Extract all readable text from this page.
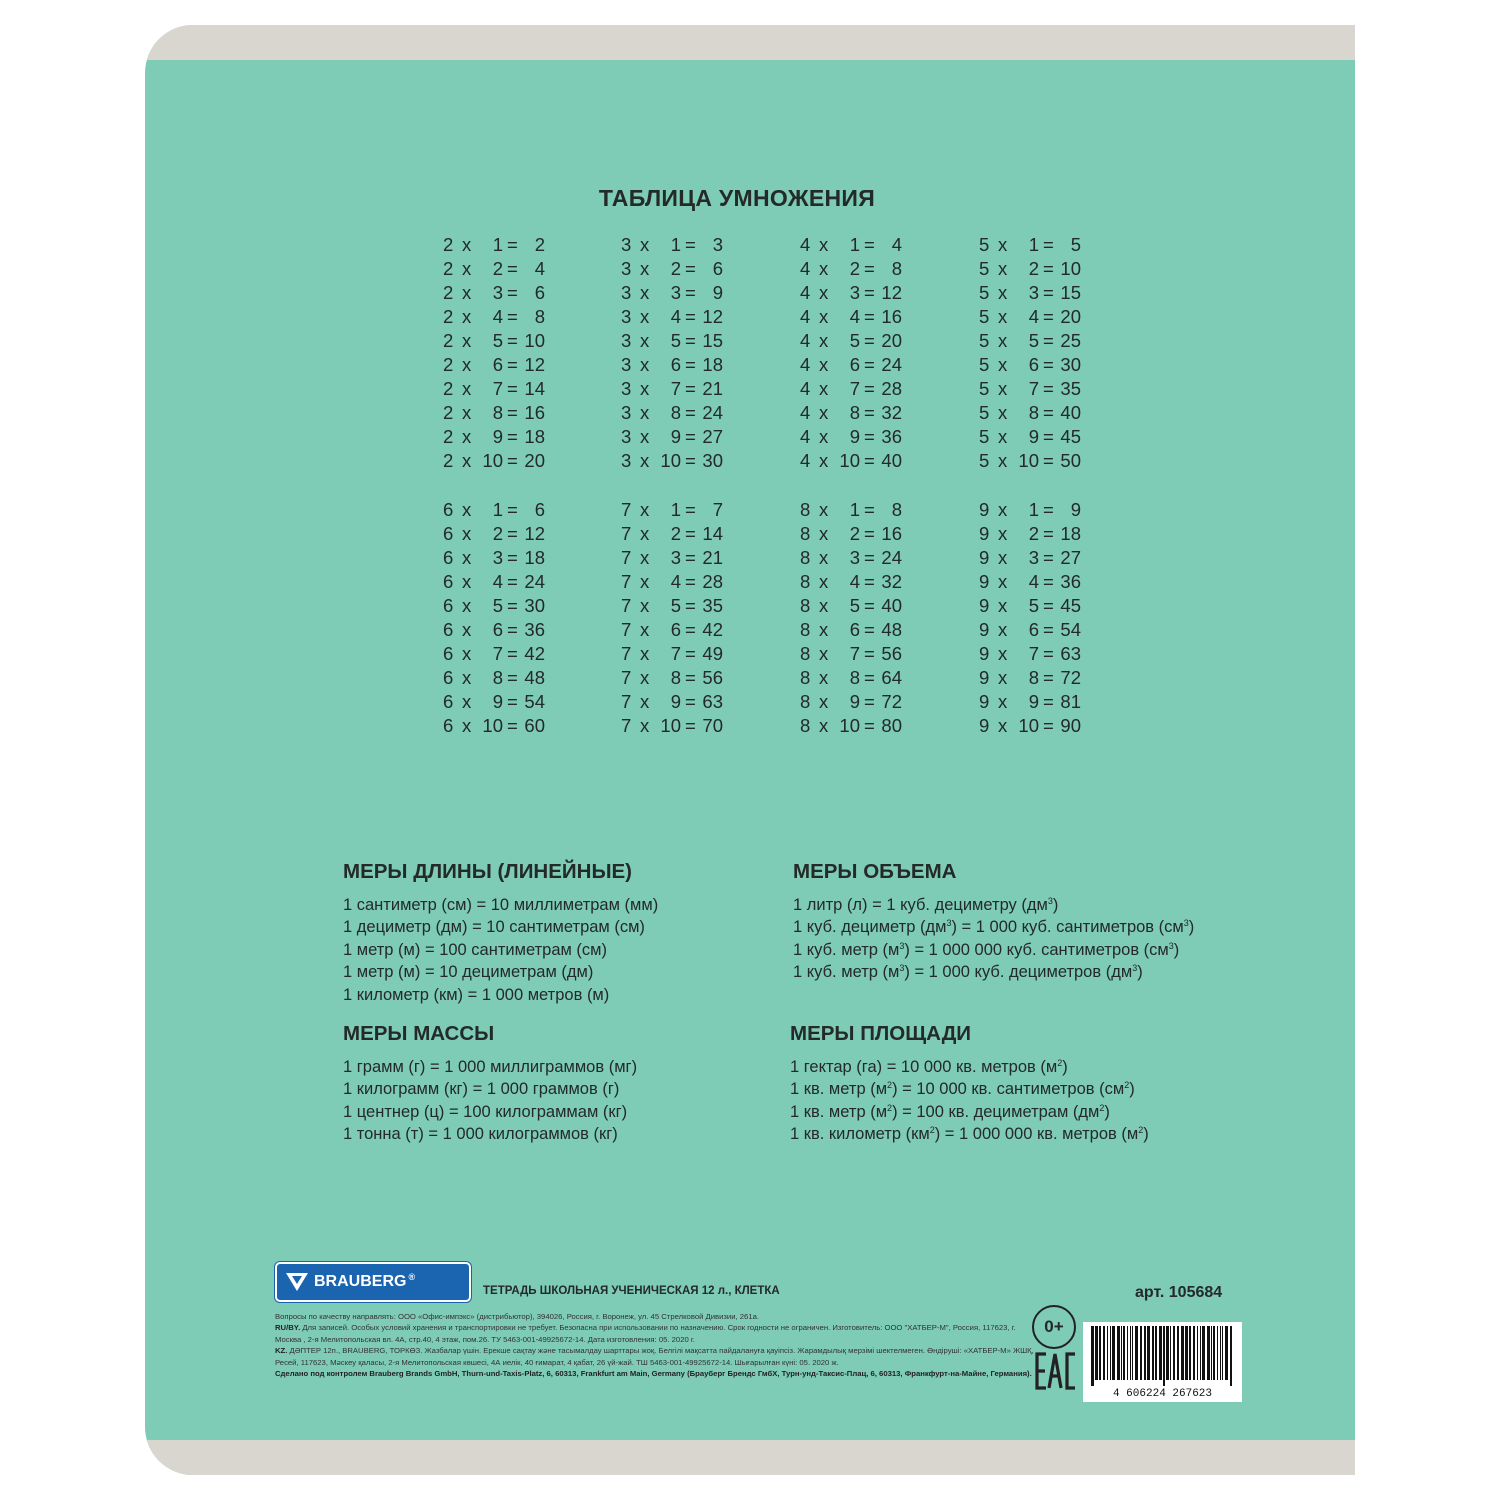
ТАБЛИЦА УМНОЖЕНИЯ
2 x 1 = 2
2 x 2 = 4
2 x 3 = 6
2 x 4 = 8
2 x 5 = 10
2 x 6 = 12
2 x 7 = 14
2 x 8 = 16
2 x 9 = 18
2 x 10 = 20
3 x 1 = 3
3 x 2 = 6
3 x 3 = 9
3 x 4 = 12
3 x 5 = 15
3 x 6 = 18
3 x 7 = 21
3 x 8 = 24
3 x 9 = 27
3 x 10 = 30
4 x 1 = 4
4 x 2 = 8
4 x 3 = 12
4 x 4 = 16
4 x 5 = 20
4 x 6 = 24
4 x 7 = 28
4 x 8 = 32
4 x 9 = 36
4 x 10 = 40
5 x 1 = 5
5 x 2 = 10
5 x 3 = 15
5 x 4 = 20
5 x 5 = 25
5 x 6 = 30
5 x 7 = 35
5 x 8 = 40
5 x 9 = 45
5 x 10 = 50
6 x 1 = 6
6 x 2 = 12
6 x 3 = 18
6 x 4 = 24
6 x 5 = 30
6 x 6 = 36
6 x 7 = 42
6 x 8 = 48
6 x 9 = 54
6 x 10 = 60
7 x 1 = 7
7 x 2 = 14
7 x 3 = 21
7 x 4 = 28
7 x 5 = 35
7 x 6 = 42
7 x 7 = 49
7 x 8 = 56
7 x 9 = 63
7 x 10 = 70
8 x 1 = 8
8 x 2 = 16
8 x 3 = 24
8 x 4 = 32
8 x 5 = 40
8 x 6 = 48
8 x 7 = 56
8 x 8 = 64
8 x 9 = 72
8 x 10 = 80
9 x 1 = 9
9 x 2 = 18
9 x 3 = 27
9 x 4 = 36
9 x 5 = 45
9 x 6 = 54
9 x 7 = 63
9 x 8 = 72
9 x 9 = 81
9 x 10 = 90
МЕРЫ ДЛИНЫ (ЛИНЕЙНЫЕ)
1 сантиметр (см) = 10 миллиметрам (мм)
1 дециметр (дм) = 10 сантиметрам (см)
1 метр (м) = 100 сантиметрам (см)
1 метр (м) = 10 дециметрам (дм)
1 километр (км) = 1 000 метров (м)
МЕРЫ МАССЫ
1 грамм (г) = 1 000 миллиграммов (мг)
1 килограмм (кг) = 1 000 граммов (г)
1 центнер (ц) = 100 килограммам (кг)
1 тонна (т) = 1 000 килограммов (кг)
МЕРЫ ОБЪЕМА
1 литр (л) = 1 куб. дециметру $(дм^3)$
1 куб. дециметр $(дм^3) = 1$ 000 куб. сантиметров $(см^3)$
1 куб. метр $(м^3) = 1$ 000 000 куб. сантиметров $(см^3)$
1 куб. метр $(м^3) = 1$ 000 куб. дециметров $(дм^3)$
МЕРЫ ПЛОЩАДИ
1 гектар (га) = 10 000 кв. метров $(м^2)$
1 кв. метр $(м^2) = 10$ 000 кв. сантиметров $(см^2)$
1 кв. метр $(м^2) = 100$ кв. дециметрам $(дм^2)$
1 кв. километр $(км^2) = 1$ 000 000 кв. метров $(м^2)$
BRAUBERG ®
ТЕТРАДЬ ШКОЛЬНАЯ УЧЕНИЧЕСКАЯ 12 л., КЛЕТКА	арт. 105684
Вопросы по качеству направлять: ООО «Офис-импэкс» (дистрибьютор), 394026, Россия, г. Воронеж, ул. 45 Стрелковой Дивизии, 261а.
RU/BY. Для записей. Особых условий хранения и транспортировки не требует. Безопасна при использовании по назначению. Срок годности не ограничен. Изготовитель: ООО "ХАТБЕР-М", Россия, 117623, г. Москва , 2-я Мелитопольская вл. 4А, стр.40, 4 этаж, пом.26. ТУ 5463-001-49925672-14. Дата изготовления: 05. 2020 г.
KZ. ДӘПТЕР 12п., BRAUBERG, ТОРКӨЗ. Жазбалар үшін. Ерекше сақтау және тасымалдау шарттары жоқ. Белгілі мақсатта пайдалануға қауіпсіз. Жарамдылық мерзімі шектелмеген. Өндіруші: «ХАТБЕР-М» ЖШҚ, Ресей, 117623, Мәскеу қаласы, 2-я Мелитопольская көшесі, 4А иелік, 40 ғимарат, 4 қабат, 26 үй-жай. ТШ 5463-001-49925672-14. Шығарылған күні: 05. 2020 ж.
Сделано под контролем Brauberg Brands GmbH, Thurn-und-Taxis-Platz, 6, 60313, Frankfurt am Main, Germany (Брауберг Брендс ГмбХ, Турн-унд-Таксис-Плац, 6, 60313, Франкфурт-на-Майне, Германия).
0+
4 606224 267623
